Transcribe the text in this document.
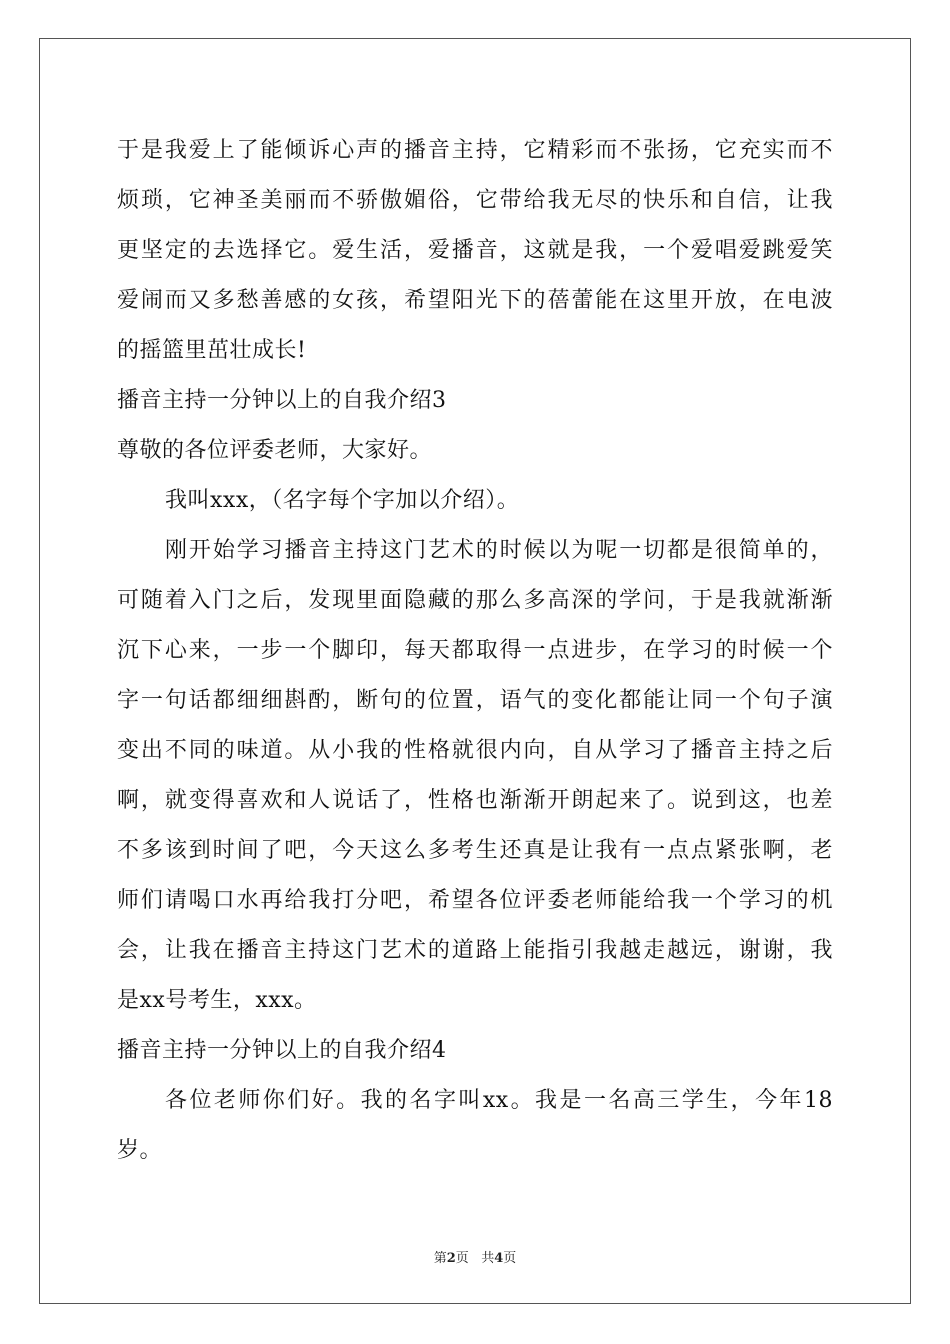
于是我爱上了能倾诉心声的播音主持，它精彩而不张扬，它充实而不
烦琐，它神圣美丽而不骄傲媚俗，它带给我无尽的快乐和自信，让我
更坚定的去选择它。爱生活，爱播音，这就是我，一个爱唱爱跳爱笑
爱闹而又多愁善感的女孩，希望阳光下的蓓蕾能在这里开放，在电波
的摇篮里茁壮成长!
播音主持一分钟以上的自我介绍3
尊敬的各位评委老师，大家好。
我叫xxx，（名字每个字加以介绍）。
刚开始学习播音主持这门艺术的时候以为呢一切都是很简单的，
可随着入门之后，发现里面隐藏的那么多高深的学问，于是我就渐渐
沉下心来，一步一个脚印，每天都取得一点进步，在学习的时候一个
字一句话都细细斟酌，断句的位置，语气的变化都能让同一个句子演
变出不同的味道。从小我的性格就很内向，自从学习了播音主持之后
啊，就变得喜欢和人说话了，性格也渐渐开朗起来了。说到这，也差
不多该到时间了吧，今天这么多考生还真是让我有一点点紧张啊，老
师们请喝口水再给我打分吧，希望各位评委老师能给我一个学习的机
会，让我在播音主持这门艺术的道路上能指引我越走越远，谢谢，我
是xx号考生，xxx。
播音主持一分钟以上的自我介绍4
各位老师你们好。我的名字叫xx。我是一名高三学生，今年18
岁。
第2页 共4页
